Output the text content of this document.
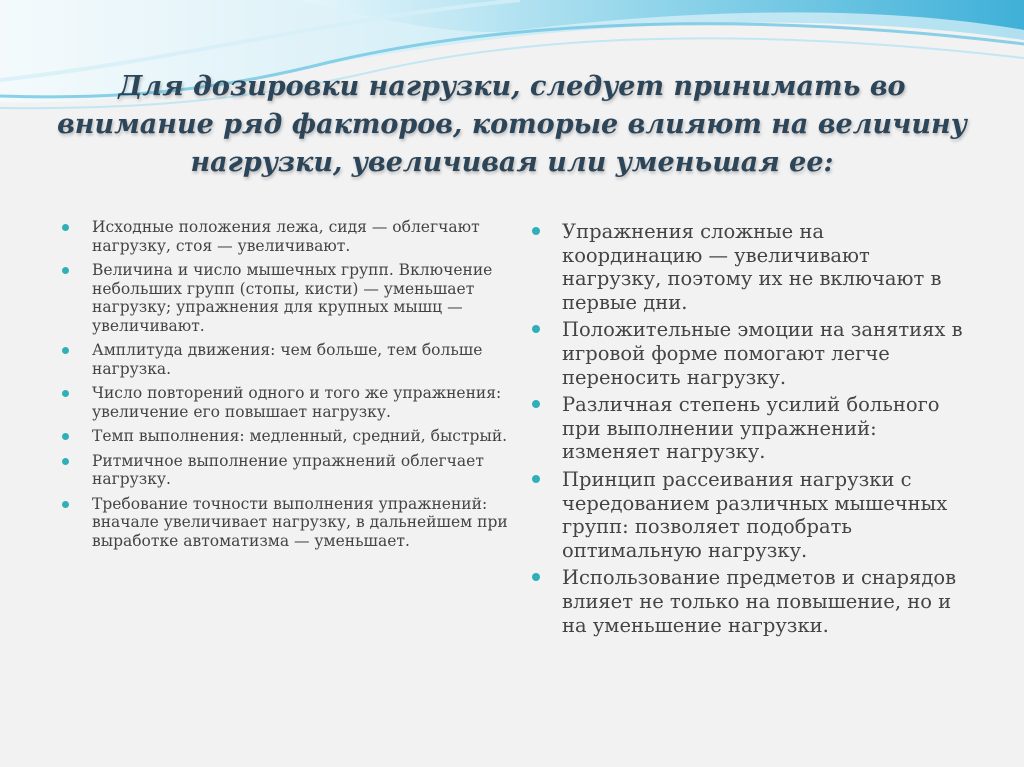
Для дозировки нагрузки, следует принимать во внимание ряд факторов, которые влияют на величину нагрузки, увеличивая или уменьшая ее:
Исходные положения лежа, сидя — облегчают нагрузку, стоя — увеличивают.
Величина и число мышечных групп. Включение небольших групп (стопы, кисти) — уменьшает нагрузку; упражнения для крупных мышц — увеличивают.
Амплитуда движения: чем больше, тем больше нагрузка.
Число повторений одного и того же упражнения: увеличение его повышает нагрузку.
Темп выполнения: медленный, средний, быстрый.
Ритмичное выполнение упражнений облегчает нагрузку.
Требование точности выполнения упражнений: вначале увеличивает нагрузку, в дальнейшем при выработке автоматизма — уменьшает.
Упражнения сложные на координацию — увеличивают нагрузку, поэтому их не включают в первые дни.
Положительные эмоции на занятиях в игровой форме помогают легче переносить нагрузку.
Различная степень усилий больного при выполнении упражнений: изменяет нагрузку.
Принцип рассеивания нагрузки с чередованием различных мышечных групп: позволяет подобрать оптимальную нагрузку.
Использование предметов и снарядов влияет не только на повышение, но и на уменьшение нагрузки.
